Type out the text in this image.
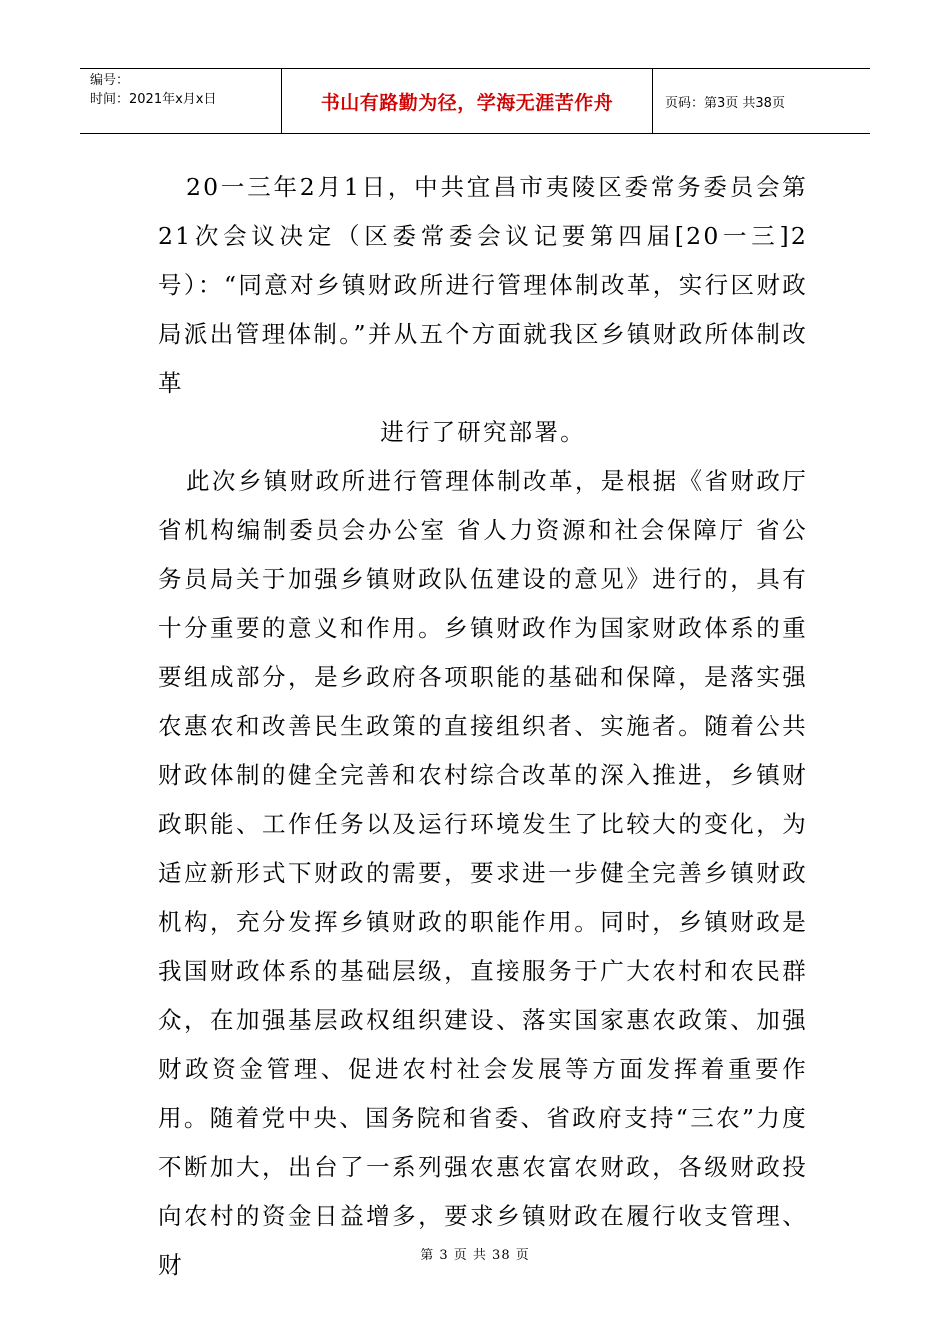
编号：
时间：2021年x月x日	书山有路勤为径，学海无涯苦作舟	页码：第3页 共38页

20一三年2月1日，中共宜昌市夷陵区委常务委员会第21次会议决定（区委常委会议记要第四届[20一三]2号）：“同意对乡镇财政所进行管理体制改革，实行区财政局派出管理体制。”并从五个方面就我区乡镇财政所体制改革
进行了研究部署。

此次乡镇财政所进行管理体制改革，是根据《省财政厅省机构编制委员会办公室 省人力资源和社会保障厅 省公务员局关于加强乡镇财政队伍建设的意见》进行的，具有十分重要的意义和作用。乡镇财政作为国家财政体系的重要组成部分，是乡政府各项职能的基础和保障，是落实强农惠农和改善民生政策的直接组织者、实施者。随着公共财政体制的健全完善和农村综合改革的深入推进，乡镇财政职能、工作任务以及运行环境发生了比较大的变化，为适应新形式下财政的需要，要求进一步健全完善乡镇财政机构，充分发挥乡镇财政的职能作用。同时，乡镇财政是我国财政体系的基础层级，直接服务于广大农村和农民群众，在加强基层政权组织建设、落实国家惠农政策、加强财政资金管理、促进农村社会发展等方面发挥着重要作用。随着党中央、国务院和省委、省政府支持“三农”力度不断加大，出台了一系列强农惠农富农财政，各级财政投向农村的资金日益增多，要求乡镇财政在履行收支管理、财	第 3 页 共 38 页
